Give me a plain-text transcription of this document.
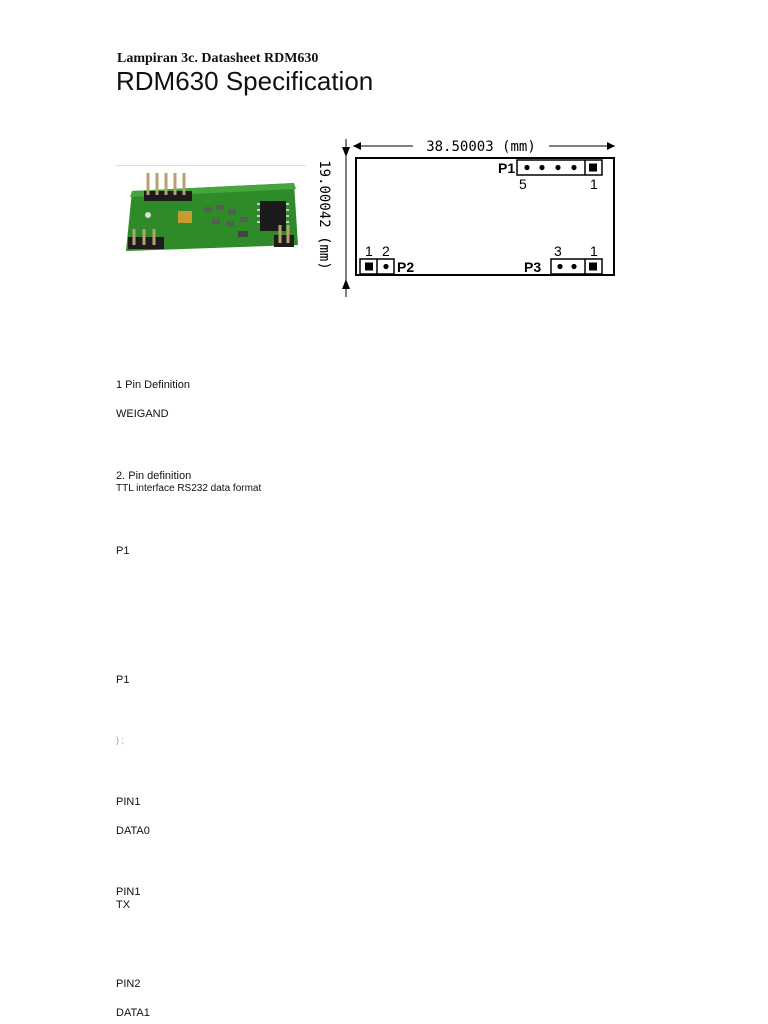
Lampiran 3c. Datasheet RDM630
RDM630 Specification
38.50003 (mm)
19.00042 (mm)	P1
5	1
1 2
P2	P3
3 1
1 Pin Definition
WEIGAND
2. Pin definition
TTL interface RS232 data format
P1
P1
) ;
PIN1
DATA0
PIN1
TX
PIN2
DATA1
